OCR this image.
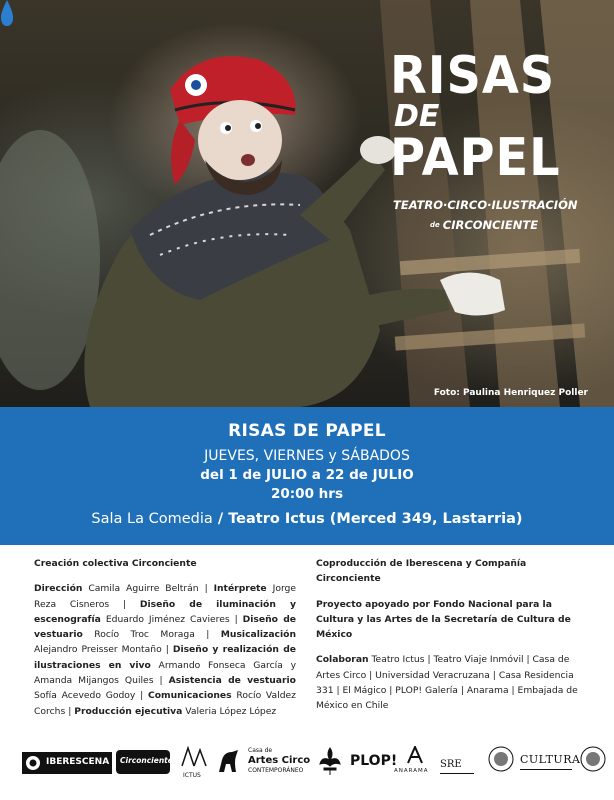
RISAS
DE
PAPEL
TEATRO·CIRCO·ILUSTRACIÓN
de CIRCONCIENTE
Foto: Paulina Henriquez Poller
RISAS DE PAPEL
JUEVES, VIERNES y SÁBADOS
del 1 de JULIO a 22 de JULIO
20:00 hrs
Sala La Comedia / Teatro Ictus (Merced 349, Lastarria)

Creación colectiva Circonciente

Dirección Camila Aguirre Beltrán | Intérprete Jorge Reza Cisneros | Diseño de iluminación y escenografía Eduardo Jiménez Cavieres | Diseño de vestuario Rocío Troc Moraga | Musicalización Alejandro Preisser Montaño | Diseño y realización de ilustraciones en vivo Armando Fonseca García y Amanda Mijangos Quiles | Asistencia de vestuario Sofía Acevedo Godoy | Comunicaciones Rocío Valdez Corchs | Producción ejecutiva Valeria López López

Coproducción de Iberescena y Compañía Circonciente

Proyecto apoyado por Fondo Nacional para la Cultura y las Artes de la Secretaría de Cultura de México

Colaboran Teatro Ictus | Teatro Viaje Inmóvil | Casa de Artes Circo | Universidad Veracruzana | Casa Residencia 331 | El Mágico | PLOP! Galería | Anarama | Embajada de México en Chile

IBERESCENA Circonciente
ICTUS
Casa de
Artes Circo
CONTEMPORÁNEO
PLOP!
ANARAMA
SRE	CULTURA
